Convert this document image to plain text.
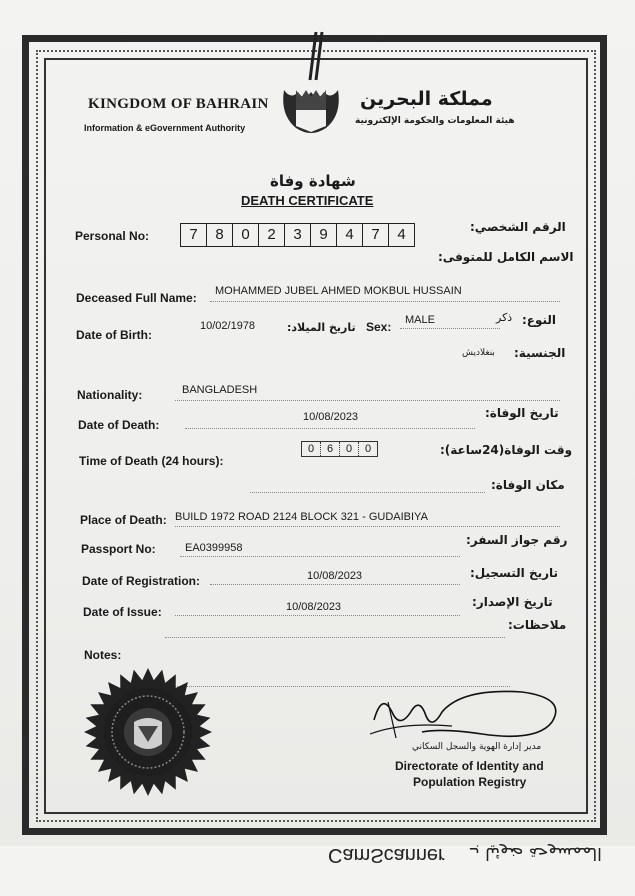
KINGDOM OF BAHRAIN
Information & eGovernment Authority
مملكة البحرين
هيئة المعلومات والحكومة الإلكترونية
شهادة وفاة
DEATH CERTIFICATE
Personal No:	7	8	0	2	3	9	4	7	4	الرقم الشخصي:
الاسم الكامل للمتوفى:
Deceased Full Name: MOHAMMED JUBEL AHMED MOKBUL HUSSAIN
Date of Birth:
10/02/1978	تاريخ الميلاد: Sex: MALE	ذكر النوع:
الجنسية:
بنغلاديش
Nationality:	BANGLADESH
Date of Death:
10/08/2023	تاريخ الوفاة:
Time of Death (24 hours):
0	6	0	0	وقت الوفاة(24ساعة):
مكان الوفاة:
Place of Death: BUILD 1972 ROAD 2124 BLOCK 321 - GUDAIBIYA
Passport No:	EA0399958
رقم جواز السفر:
Date of Registration:	10/08/2023	تاريخ التسجيل:
Date of Issue:	10/08/2023	تاريخ الإصدار:
ملاحظات:
Notes:
مدير إدارة الهوية والسجل السكاني
Directorate of Identity and
Population Registry
CamScanner الممسوحة ضوئيا بـ
